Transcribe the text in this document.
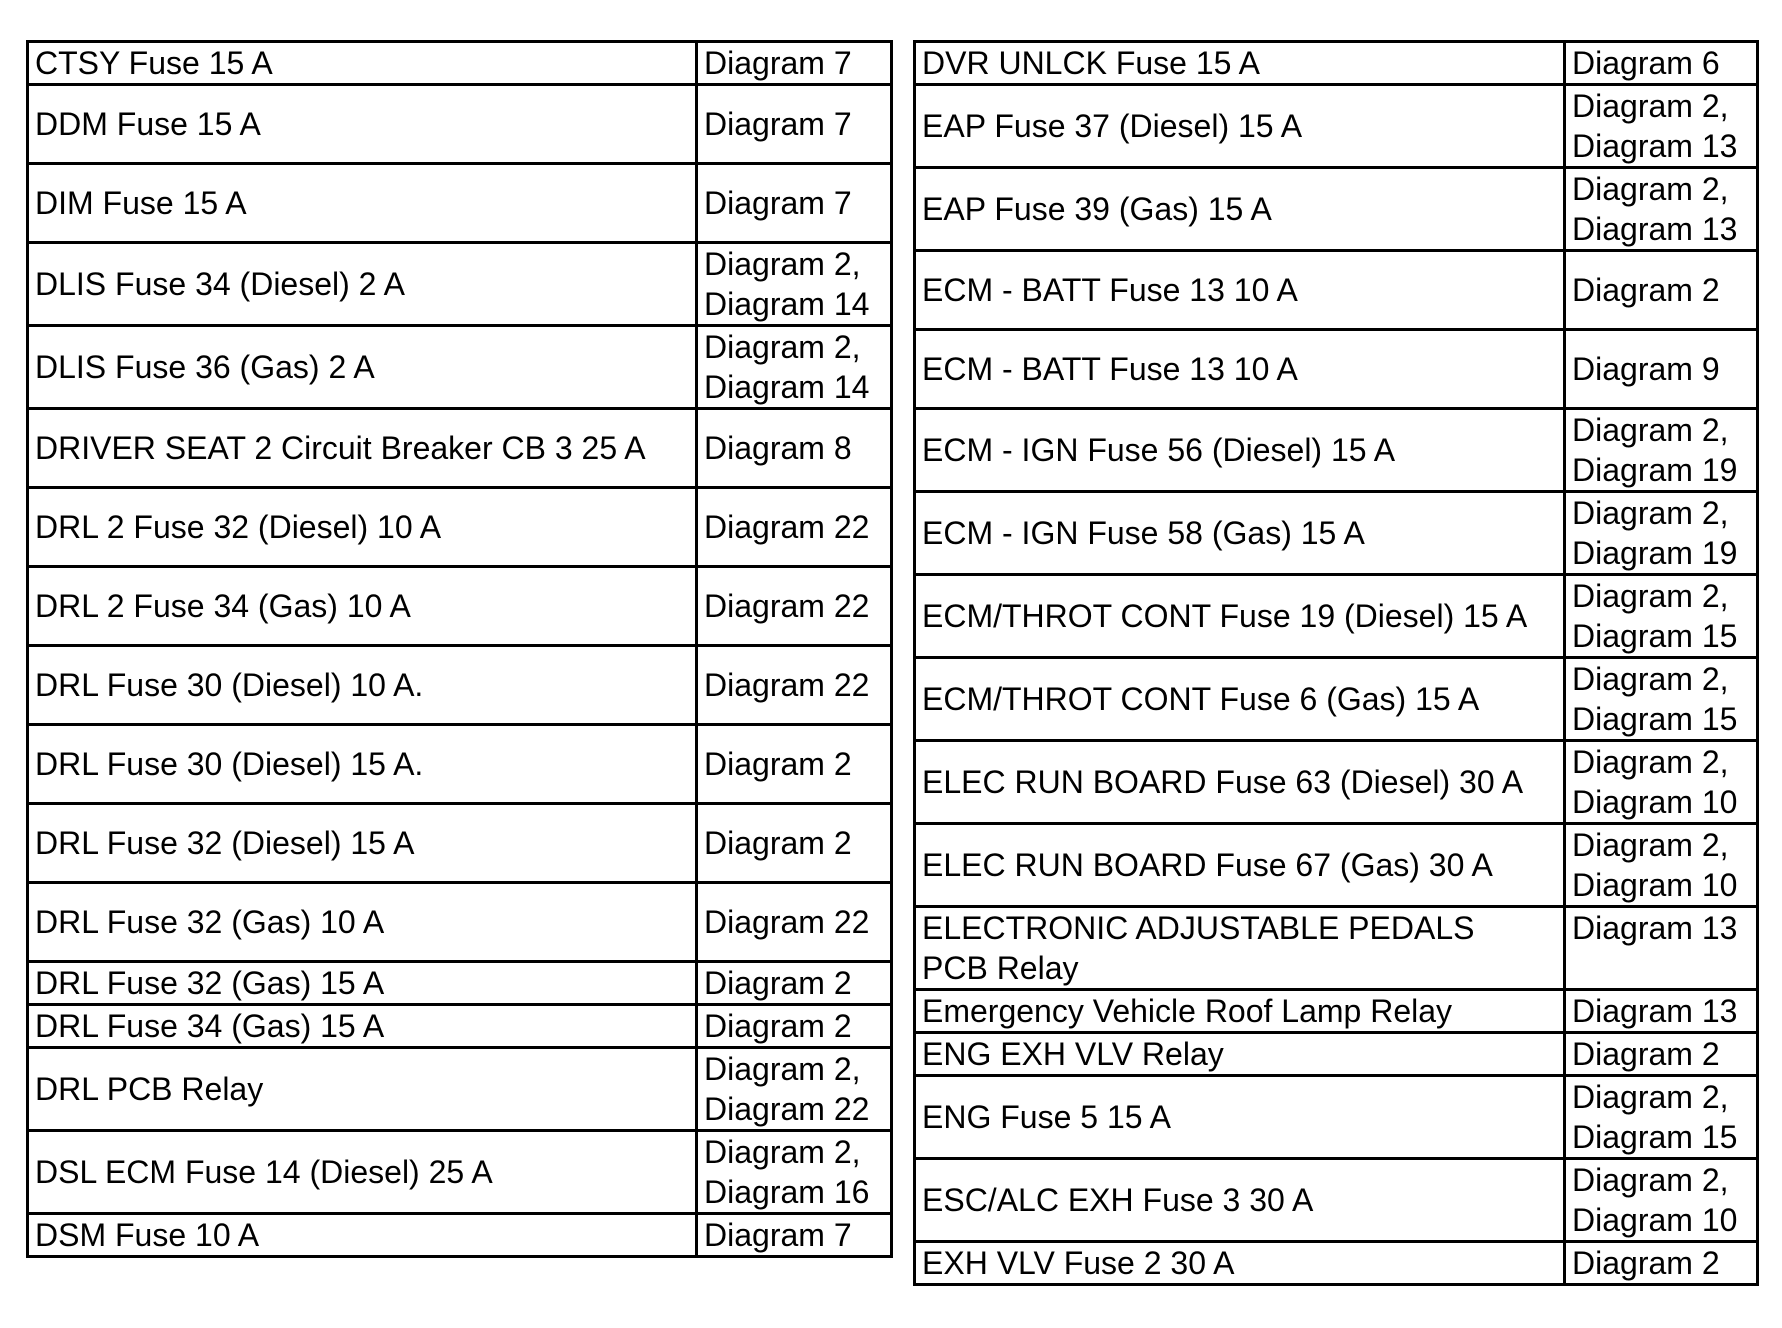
CTSY Fuse 15 A	Diagram 7

DDM Fuse 15 A	Diagram 7

DIM Fuse 15 A	Diagram 7

DLIS Fuse 34 (Diesel) 2 A	Diagram 2,
Diagram 14

DLIS Fuse 36 (Gas) 2 A	Diagram 2,
Diagram 14

DRIVER SEAT 2 Circuit Breaker CB 3 25 A	Diagram 8

DRL 2 Fuse 32 (Diesel) 10 A	Diagram 22

DRL 2 Fuse 34 (Gas) 10 A	Diagram 22

DRL Fuse 30 (Diesel) 10 A.	Diagram 22

DRL Fuse 30 (Diesel) 15 A.	Diagram 2

DRL Fuse 32 (Diesel) 15 A	Diagram 2

DRL Fuse 32 (Gas) 10 A	Diagram 22

DRL Fuse 32 (Gas) 15 A	Diagram 2

DRL Fuse 34 (Gas) 15 A	Diagram 2

DRL PCB Relay	Diagram 2,
Diagram 22

DSL ECM Fuse 14 (Diesel) 25 A	Diagram 2,
Diagram 16

DSM Fuse 10 A	Diagram 7
DVR UNLCK Fuse 15 A	Diagram 6

EAP Fuse 37 (Diesel) 15 A	Diagram 2,
Diagram 13

EAP Fuse 39 (Gas) 15 A	Diagram 2,
Diagram 13

ECM - BATT Fuse 13 10 A	Diagram 2

ECM - BATT Fuse 13 10 A	Diagram 9

ECM - IGN Fuse 56 (Diesel) 15 A	Diagram 2,
Diagram 19

ECM - IGN Fuse 58 (Gas) 15 A	Diagram 2,
Diagram 19

ECM/THROT CONT Fuse 19 (Diesel) 15 A	Diagram 2,
Diagram 15

ECM/THROT CONT Fuse 6 (Gas) 15 A	Diagram 2,
Diagram 15

ELEC RUN BOARD Fuse 63 (Diesel) 30 A	Diagram 2,
Diagram 10

ELEC RUN BOARD Fuse 67 (Gas) 30 A	Diagram 2,
Diagram 10

ELECTRONIC ADJUSTABLE PEDALS
PCB Relay	Diagram 13

Emergency Vehicle Roof Lamp Relay	Diagram 13

ENG EXH VLV Relay	Diagram 2

ENG Fuse 5 15 A	Diagram 2,
Diagram 15

ESC/ALC EXH Fuse 3 30 A	Diagram 2,
Diagram 10

EXH VLV Fuse 2 30 A	Diagram 2
